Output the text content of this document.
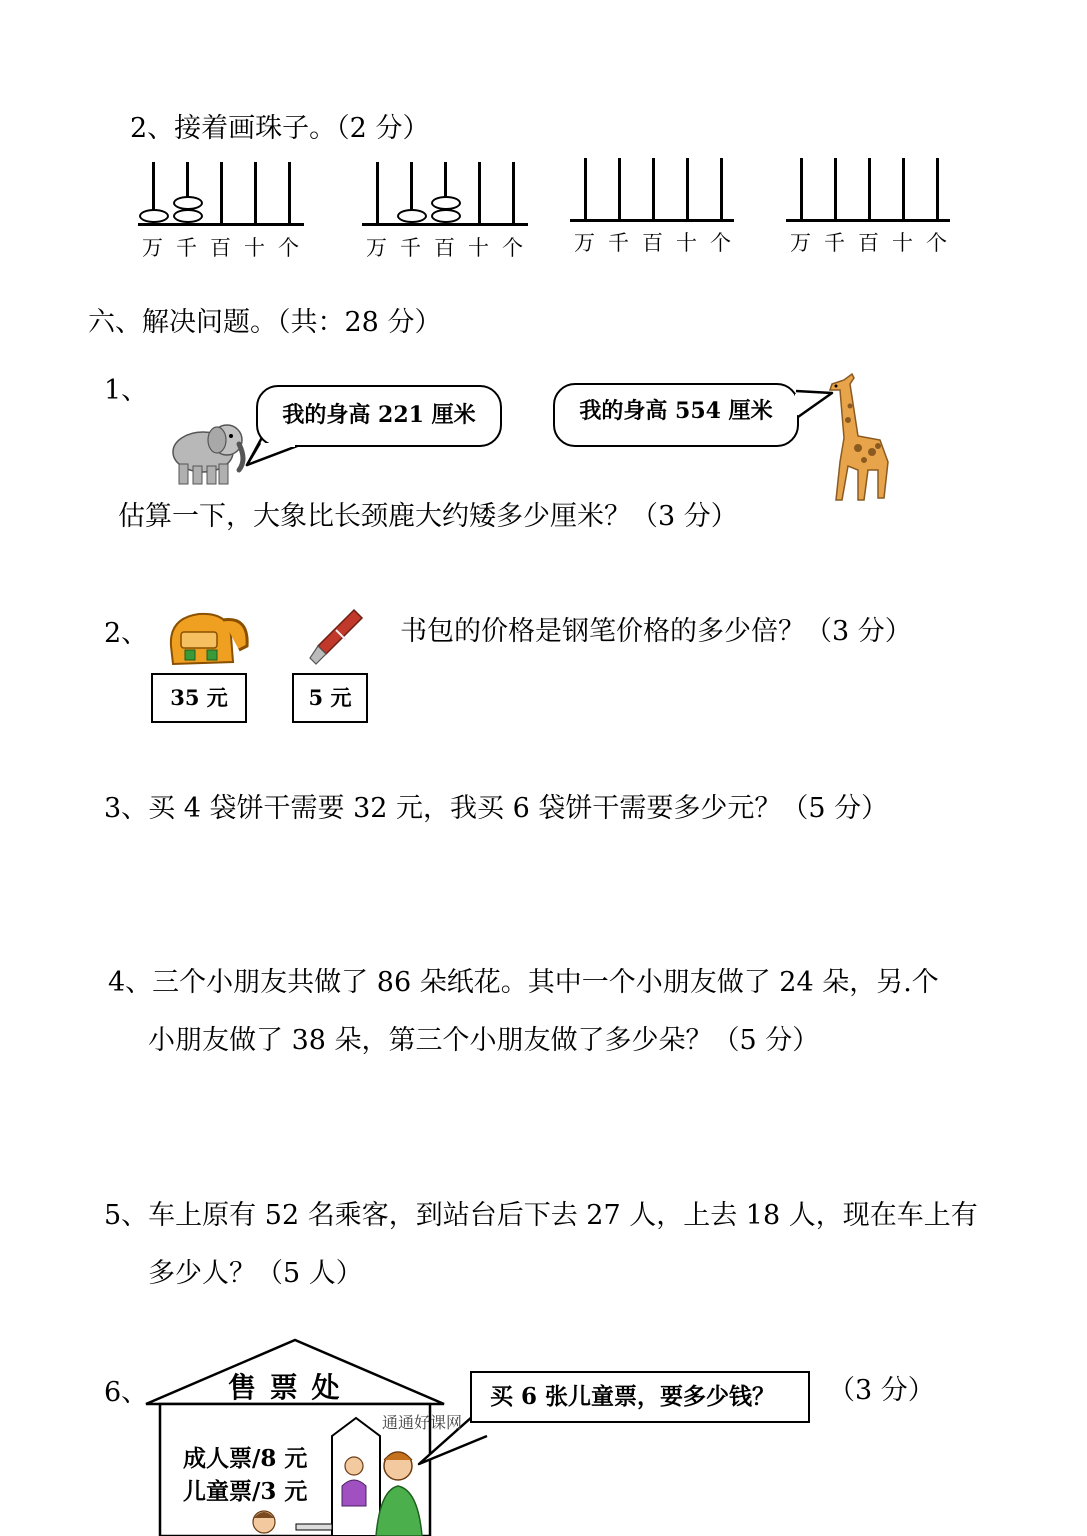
2、接着画珠子。（2 分）
万 千 百 十 个	万 千 百 十 个	万 千 百 十 个	万 千 百 十 个
六、解决问题。（共：28 分）
1、
我的身高 221 厘米	我的身高 554 厘米
估算一下，大象比长颈鹿大约矮多少厘米？（3 分）
2、
35 元	5 元
书包的价格是钢笔价格的多少倍？（3 分）
3、买 4 袋饼干需要 32 元，我买 6 袋饼干需要多少元？（5 分）
4、三个小朋友共做了 86 朵纸花。其中一个小朋友做了 24 朵，另.个
小朋友做了 38 朵，第三个小朋友做了多少朵？（5 分）
5、车上原有 52 名乘客，到站台后下去 27 人，上去 18 人，现在车上有
多少人？（5 人）
6、	售 票 处
成人票/8 元
儿童票/3 元
买 6 张儿童票，要多少钱？
通通好课网
（3 分）
